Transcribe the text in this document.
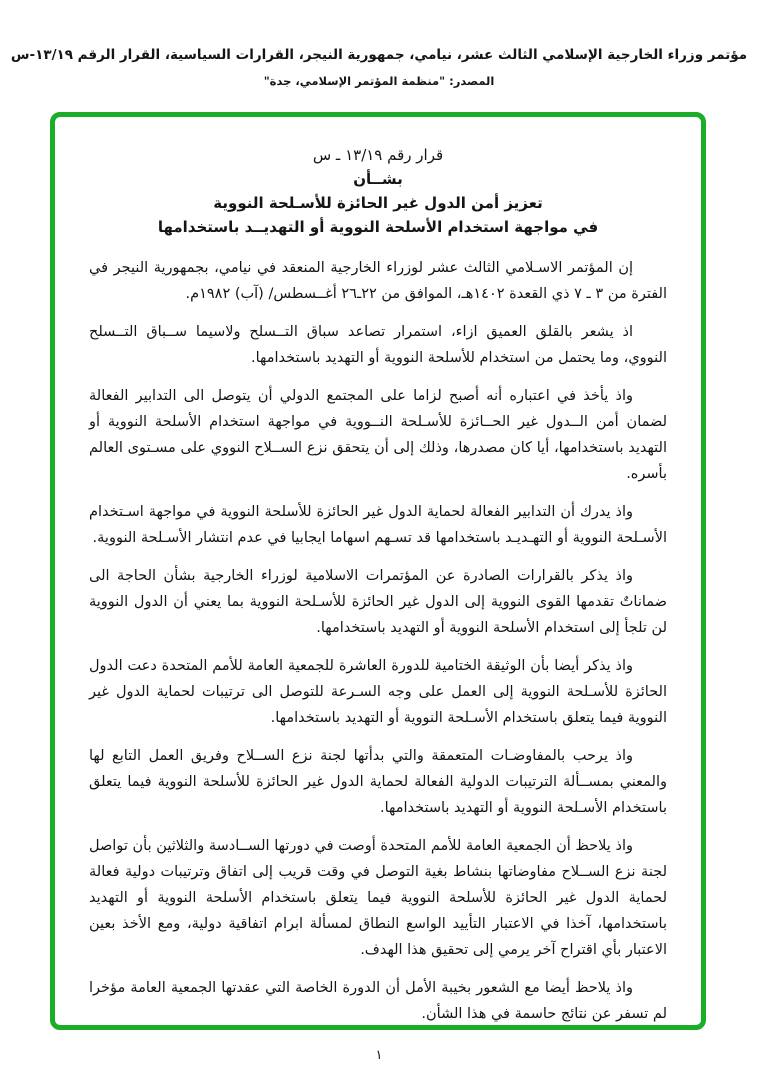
مؤتمر وزراء الخارجية الإسلامي الثالث عشر، نيامي، جمهورية النيجر، القرارات السياسية، القرار الرقم ١٣/١٩-س
المصدر: "منظمة المؤتمر الإسلامي، جدة"
قرار رقم ١٣/١٩ ـ س
بشــأن
تعزيز أمن الدول غير الحائزة للأسـلحة النووية
في مواجهة استخدام الأسلحة النووية أو التهديــد باستخدامها

إن المؤتمر الاسـلامي الثالث عشر لوزراء الخارجية المنعقد في نيامي، بجمهورية النيجر في الفترة من ٣ ـ ٧ ذي القعدة ١٤٠٢هـ، الموافق من ٢٢ـ٢٦ أغــسطس/ (آب) ١٩٨٢م.

اذ يشعر بالقلق العميق ازاء، استمرار تصاعد سباق التــسلح ولاسيما ســباق التــسلح النووي، وما يحتمل من استخدام للأسلحة النووية أو التهديد باستخدامها.

واذ يأخذ في اعتباره أنه أصبح لزاما على المجتمع الدولي أن يتوصل الى التدابير الفعالة لضمان أمن الــدول غير الحــائزة للأسـلحة النــووية في مواجهة استخدام الأسلحة النووية أو التهديد باستخدامها، أيا كان مصدرها، وذلك إلى أن يتحقق نزع الســلاح النووي على مسـتوى العالم بأسره.

واذ يدرك أن التدابير الفعالة لحماية الدول غير الحائزة للأسلحة النووية في مواجهة اسـتخدام الأسـلحة النووية أو التهـديـد باستخدامها قد تسـهم اسهاما ايجابيا في عدم انتشار الأسـلحة النووية.

واذ يذكر بالقرارات الصادرة عن المؤتمرات الاسلامية لوزراء الخارجية بشأن الحاجة الى ضماناتٌ تقدمها القوى النووية إلى الدول غير الحائزة للأسـلحة النووية بما يعني أن الدول النووية لن تلجأ إلى استخدام الأسلحة النووية أو التهديد باستخدامها.

واذ يذكر أيضا بأن الوثيقة الختامية للدورة العاشرة للجمعية العامة للأمم المتحدة دعت الدول الحائزة للأسـلحة النووية إلى العمل على وجه السـرعة للتوصل الى ترتيبات لحماية الدول غير النووية فيما يتعلق باستخدام الأسـلحة النووية أو التهديد باستخدامها.

واذ يرحب بالمفاوضـات المتعمقة والتي بدأتها لجنة نزع الســلاح وفريق العمل التابع لها والمعني بمســألة الترتيبات الدولية الفعالة لحماية الدول غير الحائزة للأسلحة النووية فيما يتعلق باستخدام الأسـلحة النووية أو التهديد باستخدامها.

واذ يلاحظ أن الجمعية العامة للأمم المتحدة أوصت في دورتها الســادسة والثلاثين بأن تواصل لجنة نزع الســلاح مفاوضاتها بنشاط بغية التوصل في وقت قريب إلى اتفاق وترتيبات دولية فعالة لحماية الدول غير الحائزة للأسلحة النووية فيما يتعلق باستخدام الأسلحة النووية أو التهديد باستخدامها، آخذا في الاعتبار التأييد الواسع النطاق لمسألة ابرام اتفاقية دولية، ومع الأخذ بعين الاعتبار بأي اقتراح آخر يرمي إلى تحقيق هذا الهدف.

واذ يلاحظ أيضا مع الشعور بخيبة الأمل أن الدورة الخاصة التي عقدتها الجمعية العامة مؤخرا لم تسفر عن نتائج حاسمة في هذا الشأن.

١
